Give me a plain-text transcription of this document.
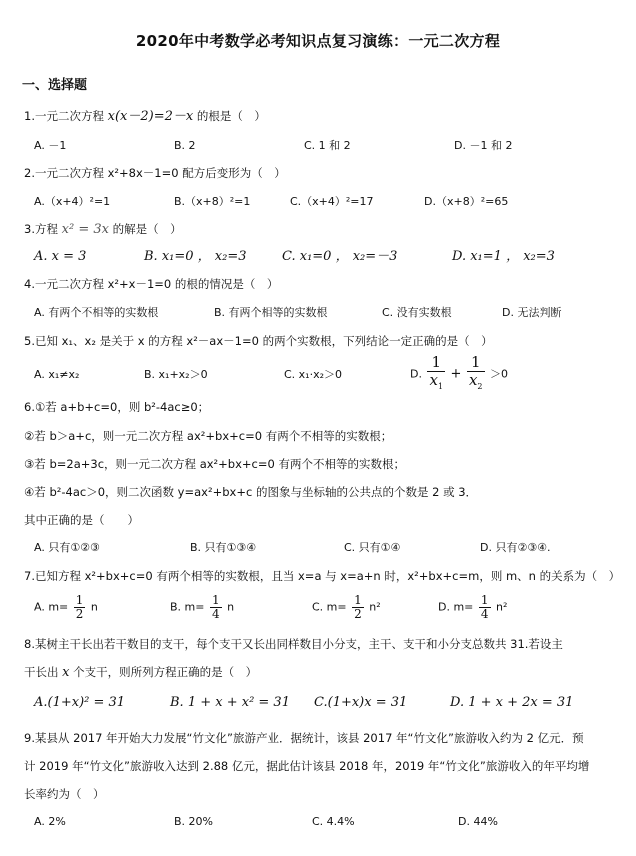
2020年中考数学必考知识点复习演练：一元二次方程
一、选择题
1.一元二次方程 x(x－2)=2－x 的根是（　）
A. －1	B. 2	C. 1 和 2	D. －1 和 2
2.一元二次方程 x²+8x－1=0 配方后变形为（　）
A.（x+4）²=1	B.（x+8）²=1	C.（x+4）²=17	D.（x+8）²=65
3.方程 x² = 3x 的解是（　）
A. x = 3	B. x₁=0 ， x₂=3	C. x₁=0 ， x₂=－3	D. x₁=1 ， x₂=3
4.一元二次方程 x²+x－1=0 的根的情况是（　）
A. 有两个不相等的实数根	B. 有两个相等的实数根	C. 没有实数根	D. 无法判断
5.已知 x₁、x₂ 是关于 x 的方程 x²－ax－1=0 的两个实数根，下列结论一定正确的是（　）
A. x₁≠x₂	B. x₁+x₂＞0	C. x₁·x₂＞0	D. $\frac{1}{x_1} + \frac{1}{x_2} >0$
6.①若 a+b+c=0，则 b²-4ac≥0；
②若 b＞a+c，则一元二次方程 ax²+bx+c=0 有两个不相等的实数根；
③若 b=2a+3c，则一元二次方程 ax²+bx+c=0 有两个不相等的实数根；
④若 b²-4ac＞0，则二次函数 y=ax²+bx+c 的图象与坐标轴的公共点的个数是 2 或 3．
其中正确的是（　　）
A. 只有①②③	B. 只有①③④	C. 只有①④	D. 只有②③④.
7.已知方程 x²+bx+c=0 有两个相等的实数根，且当 x=a 与 x=a+n 时，x²+bx+c=m，则 m、n 的关系为（　）
A. $m= \frac{1}{2}$ n	B. $m= \frac{1}{4}$ n	C. $m= \frac{1}{2} n^2$	D. $m= \frac{1}{4} n^2$
8.某树主干长出若干数目的支干，每个支干又长出同样数目小分支，主干、支干和小分支总数共 31.若设主
干长出 x 个支干，则所列方程正确的是（　）
A.(1+x)² = 31	B. 1 + x + x² = 31 C.(1+x)x = 31	D. 1 + x + 2x = 31
9.某县从 2017 年开始大力发展“竹文化”旅游产业．据统计，该县 2017 年“竹文化”旅游收入约为 2 亿元．预
计 2019 年“竹文化”旅游收入达到 2.88 亿元，据此估计该县 2018 年，2019 年“竹文化”旅游收入的年平均增
长率约为（　）
A. 2%	B. 20%	C. 4.4%	D. 44%
